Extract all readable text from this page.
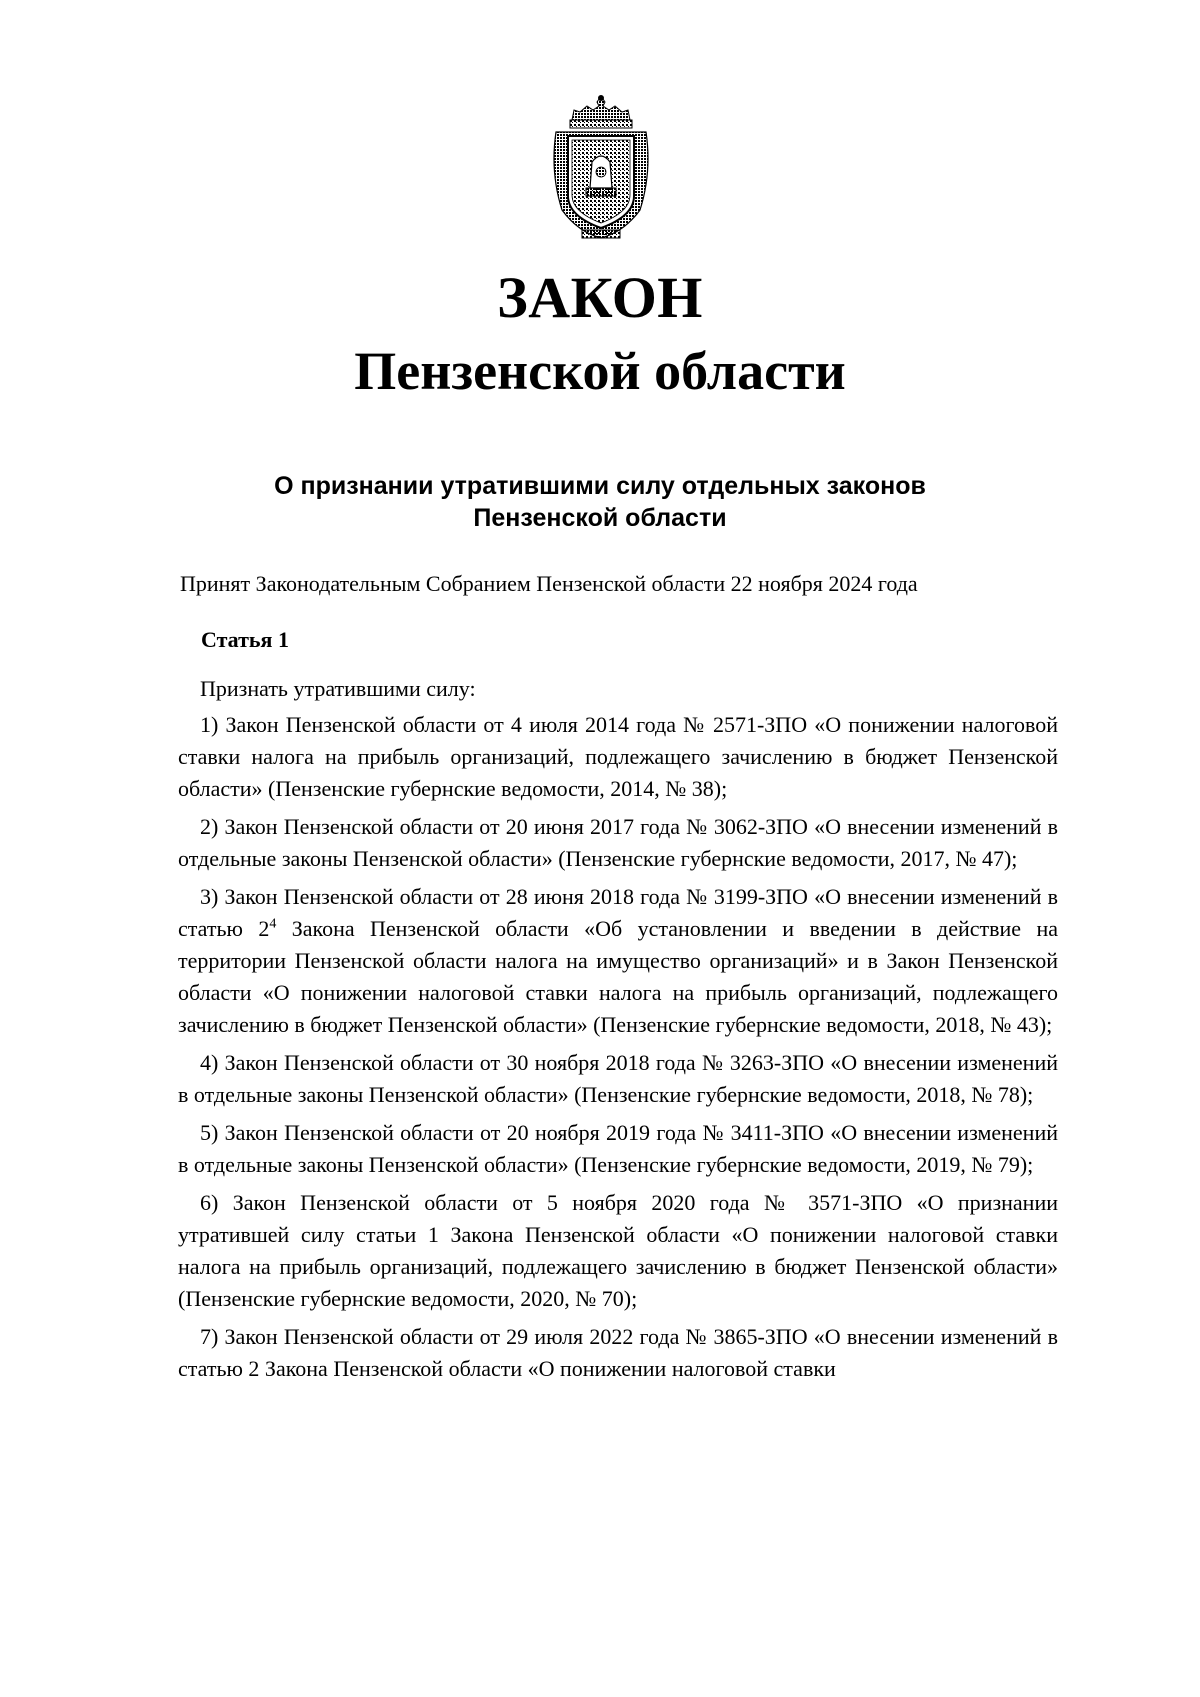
ЗАКОН
Пензенской области
О признании утратившими силу отдельных законов
Пензенской области
Принят Законодательным Собранием Пензенской области 22 ноября 2024 года
Статья 1

Признать утратившими силу:

1) Закон Пензенской области от 4 июля 2014 года № 2571-ЗПО «О понижении налоговой ставки налога на прибыль организаций, подлежащего зачислению в бюджет Пензенской области» (Пензенские губернские ведомости, 2014, № 38);

2) Закон Пензенской области от 20 июня 2017 года № 3062-ЗПО «О внесении изменений в отдельные законы Пензенской области» (Пензенские губернские ведомости, 2017, № 47);

3) Закон Пензенской области от 28 июня 2018 года № 3199-ЗПО «О внесении изменений в статью $2^4$ Закона Пензенской области «Об установлении и введении в действие на территории Пензенской области налога на имущество организаций» и в Закон Пензенской области «О понижении налоговой ставки налога на прибыль организаций, подлежащего зачислению в бюджет Пензенской области» (Пензенские губернские ведомости, 2018, № 43);

4) Закон Пензенской области от 30 ноября 2018 года № 3263-ЗПО «О внесении изменений в отдельные законы Пензенской области» (Пензенские губернские ведомости, 2018, № 78);

5) Закон Пензенской области от 20 ноября 2019 года № 3411-ЗПО «О внесении изменений в отдельные законы Пензенской области» (Пензенские губернские ведомости, 2019, № 79);

6) Закон Пензенской области от 5 ноября 2020 года № 3571-ЗПО «О признании утратившей силу статьи 1 Закона Пензенской области «О понижении налоговой ставки налога на прибыль организаций, подлежащего зачислению в бюджет Пензенской области» (Пензенские губернские ведомости, 2020, № 70);

7) Закон Пензенской области от 29 июля 2022 года № 3865-ЗПО «О внесении изменений в статью 2 Закона Пензенской области «О понижении налоговой ставки
